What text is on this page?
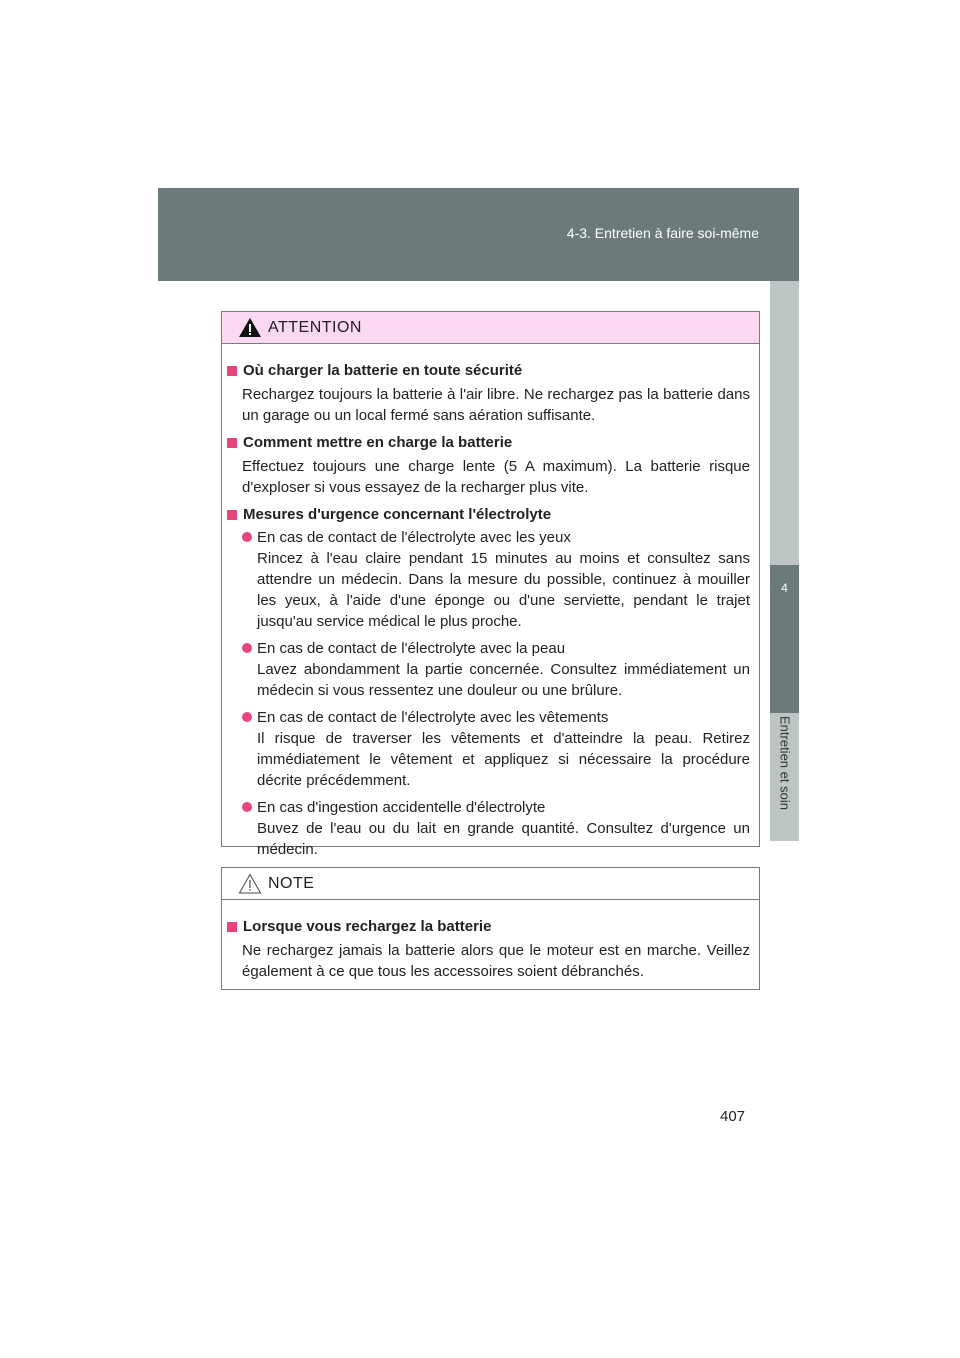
4-3. Entretien à faire soi-même
4
Entretien et soin
ATTENTION
Où charger la batterie en toute sécurité
Rechargez toujours la batterie à l'air libre. Ne rechargez pas la batterie dans un garage ou un local fermé sans aération suffisante.
Comment mettre en charge la batterie
Effectuez toujours une charge lente (5 A maximum). La batterie risque d'exploser si vous essayez de la recharger plus vite.
Mesures d'urgence concernant l'électrolyte
En cas de contact de l'électrolyte avec les yeux
Rincez à l'eau claire pendant 15 minutes au moins et consultez sans attendre un médecin. Dans la mesure du possible, continuez à mouiller les yeux, à l'aide d'une éponge ou d'une serviette, pendant le trajet jusqu'au service médical le plus proche.
En cas de contact de l'électrolyte avec la peau
Lavez abondamment la partie concernée. Consultez immédiatement un médecin si vous ressentez une douleur ou une brûlure.
En cas de contact de l'électrolyte avec les vêtements
Il risque de traverser les vêtements et d'atteindre la peau. Retirez immédiatement le vêtement et appliquez si nécessaire la procédure décrite précédemment.
En cas d'ingestion accidentelle d'électrolyte
Buvez de l'eau ou du lait en grande quantité. Consultez d'urgence un médecin.
NOTE
Lorsque vous rechargez la batterie
Ne rechargez jamais la batterie alors que le moteur est en marche. Veillez également à ce que tous les accessoires soient débranchés.
407
